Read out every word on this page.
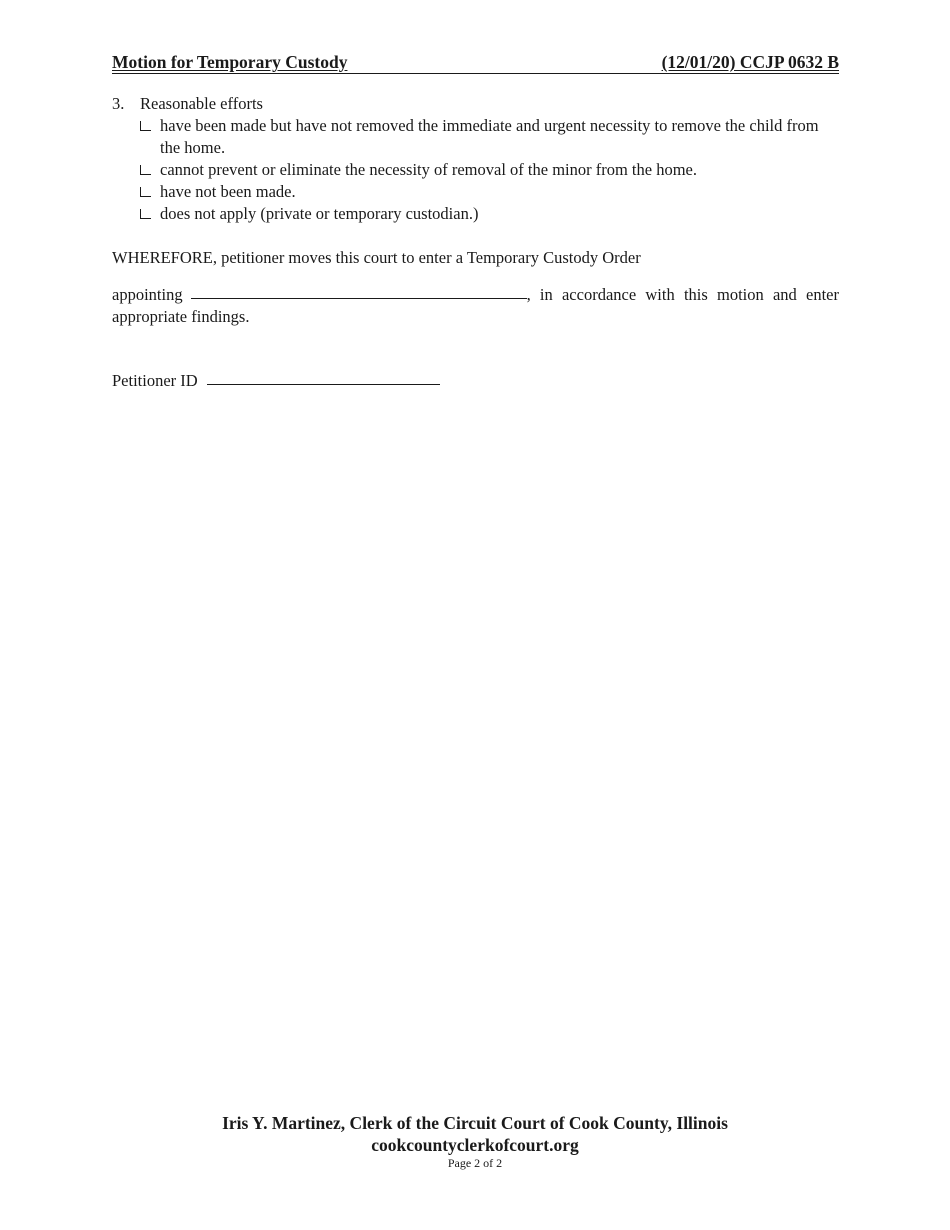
Motion for Temporary Custody	(12/01/20) CCJP 0632 B
3. Reasonable efforts
have been made but have not removed the immediate and urgent necessity to remove the child from the home.
cannot prevent or eliminate the necessity of removal of the minor from the home.
have not been made.
does not apply (private or temporary custodian.)
WHEREFORE, petitioner moves this court to enter a Temporary Custody Order
appointing	, in accordance with this motion and enter appropriate findings.
Petitioner ID
Iris Y. Martinez, Clerk of the Circuit Court of Cook County, Illinois
cookcountyclerkofcourt.org
Page 2 of 2
